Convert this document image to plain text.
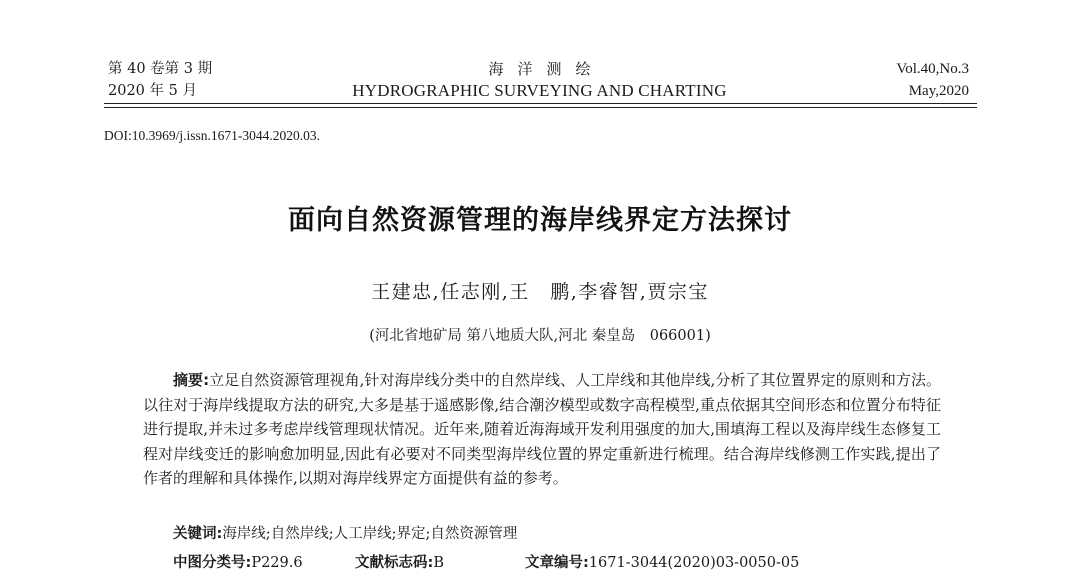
第 40 卷第 3 期
2020 年 5 月
海洋测绘
HYDROGRAPHIC SURVEYING AND CHARTING
Vol.40,No.3
May,2020
DOI:10.3969/j.issn.1671-3044.2020.03.
面向自然资源管理的海岸线界定方法探讨
王建忠,任志刚,王　鹏,李睿智,贾宗宝
(河北省地矿局 第八地质大队,河北 秦皇岛　066001)

摘要:立足自然资源管理视角,针对海岸线分类中的自然岸线、人工岸线和其他岸线,分析了其位置界定的原则和方法。以往对于海岸线提取方法的研究,大多是基于遥感影像,结合潮汐模型或数字高程模型,重点依据其空间形态和位置分布特征进行提取,并未过多考虑岸线管理现状情况。近年来,随着近海海域开发利用强度的加大,围填海工程以及海岸线生态修复工程对岸线变迁的影响愈加明显,因此有必要对不同类型海岸线位置的界定重新进行梳理。结合海岸线修测工作实践,提出了作者的理解和具体操作,以期对海岸线界定方面提供有益的参考。

关键词:海岸线;自然岸线;人工岸线;界定;自然资源管理
中图分类号:P229.6	文献标志码:B	文章编号:1671-3044(2020)03-0050-05
